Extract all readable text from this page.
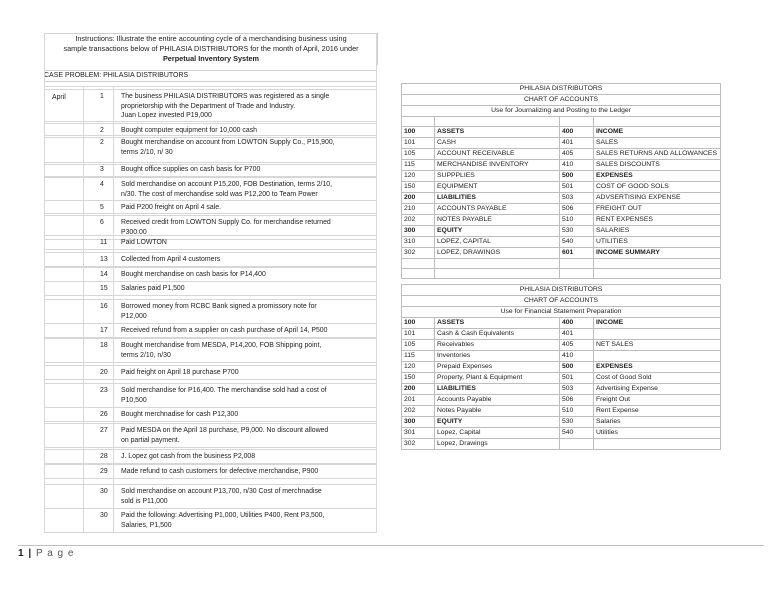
Instructions: Illustrate the entire accounting cycle of a merchandising business using
sample transactions below of PHILASIA DISTRIBUTORS for the month of April, 2016 under
Perpetual Inventory System
CASE PROBLEM: PHILASIA DISTRIBUTORS
April	1 The business PHILASIA DISTRIBUTORS was registered as a single
proprietorship with the Department of Trade and Industry.
Juan Lopez invested P19,000
2 Bought computer equipment for 10,000 cash
2 Bought merchandise on account from LOWTON Supply Co., P15,900,
terms 2/10, n/ 30
3 Bought office supplies on cash basis for P700
4 Sold merchandise on account P15,200, FOB Destination, terms 2/10,
n/30. The cost of merchandise sold was P12,200 to Team Power
5 Paid P200 freight on April 4 sale.
6 Received credit from LOWTON Supply Co. for merchandise returned
P300.00
11 Paid LOWTON
13 Collected from April 4 customers
14 Bought merchandise on cash basis for P14,400
15 Salaries paid P1,500
16 Borrowed money from RCBC Bank signed a promissory note for
P12,000
17 Received refund from a supplier on cash purchase of April 14, P500
18 Bought merchandise from MESDA, P14,200, FOB Shipping point,
terms 2/10, n/30
20 Paid freight on April 18 purchase P700
23 Sold merchandise for P16,400. The merchandise sold had a cost of
P10,500
26 Bought merchnadise for cash P12,300
27 Paid MESDA on the April 18 purchase, P9,000. No discount allowed
on partial payment.
28 J. Lopez got cash from the business P2,008
29 Made refund to cash customers for defective merchandise, P900
30 Sold merchandise on account P13,700, n/30 Cost of merchnadise
sold is P11,000
30 Paid the following: Advertising P1,000, Utilities P400, Rent P3,500,
Salaries, P1,500
PHILASIA DISTRIBUTORS			
CHART OF ACCOUNTS			
Use for Journalizing and Posting to the Ledger			

100	ASSETS	400	INCOME
101	CASH	401	SALES
105	ACCOUNT RECEIVABLE	405	SALES RETURNS AND ALLOWANCES
115	MERCHANDISE INVENTORY	410	SALES DISCOUNTS
120	SUPPPLIES	500	EXPENSES
150	EQUIPMENT	501	COST OF GOOD SOLS
200	LIABILITIES	503	ADVSERTISING EXPENSE
210	ACCOUNTS PAYABLE	506	FREIGHT OUT
202	NOTES PAYABLE	510	RENT EXPENSES
300	EQUITY	530	SALARIES
310	LOPEZ, CAPITAL	540	UTILITIES
302	LOPEZ, DRAWINGS	601	INCOME SUMMARY

PHILASIA DISTRIBUTORS			
CHART OF ACCOUNTS			
Use for Financial Statement Preparation			
100	ASSETS	400	INCOME
101	Cash & Cash Equivalents	401	
105	Receivables	405	NET SALES
115	Inventories	410	
120	Prepaid Expenses	500	EXPENSES
150	Property, Plant & Equipment	501	Cost of Good Sold
200	LIABILITIES	503	Advertising Expense
201	Accounts Payable	506	Freight Out
202	Notes Payable	510	Rent Expense
300	EQUITY	530	Salaries
301	Lopez, Capital	540	Utilities
302	Lopez, Drawings		
1 | P a g e
